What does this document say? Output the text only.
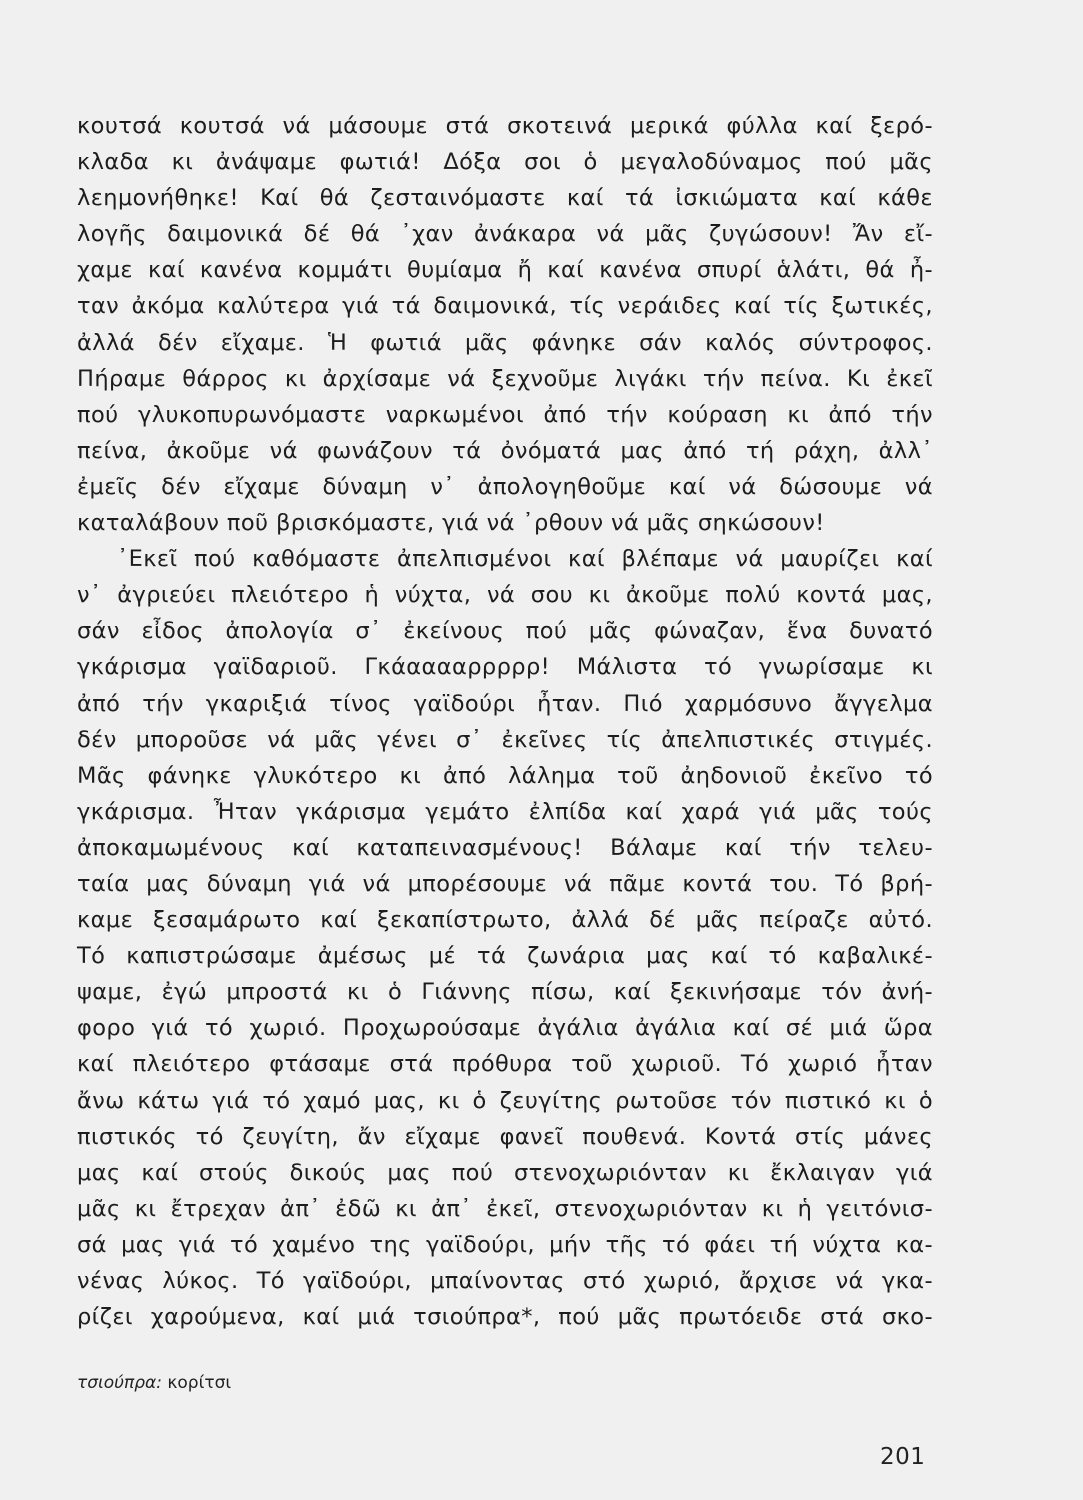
κουτσά κουτσά νά μάσουμε στά σκοτεινά μερικά φύλλα καί ξερό-
κλαδα κι ἀνάψαμε φωτιά! Δόξα σοι ὁ μεγαλοδύναμος πού μᾶς
λεημονήθηκε! Καί θά ζεσταινόμαστε καί τά ἰσκιώματα καί κάθε
λογῆς δαιμονικά δέ θά ᾽χαν ἀνάκαρα νά μᾶς ζυγώσουν! Ἄν εἴ-
χαμε καί κανένα κομμάτι θυμίαμα ἤ καί κανένα σπυρί ἁλάτι, θά ἦ-
ταν ἀκόμα καλύτερα γιά τά δαιμονικά, τίς νεράιδες καί τίς ξωτικές,
ἀλλά δέν εἴχαμε. Ἡ φωτιά μᾶς φάνηκε σάν καλός σύντροφος.
Πήραμε θάρρος κι ἀρχίσαμε νά ξεχνοῦμε λιγάκι τήν πείνα. Κι ἐκεῖ
πού γλυκοπυρωνόμαστε ναρκωμένοι ἀπό τήν κούραση κι ἀπό τήν
πείνα, ἀκοῦμε νά φωνάζουν τά ὀνόματά μας ἀπό τή ράχη, ἀλλ᾽
ἐμεῖς δέν εἴχαμε δύναμη ν᾽ ἀπολογηθοῦμε καί νά δώσουμε νά
καταλάβουν ποῦ βρισκόμαστε, γιά νά ᾽ρθουν νά μᾶς σηκώσουν!
᾽Εκεῖ πού καθόμαστε ἀπελπισμένοι καί βλέπαμε νά μαυρίζει καί
ν᾽ ἀγριεύει πλειότερο ἡ νύχτα, νά σου κι ἀκοῦμε πολύ κοντά μας,
σάν εἶδος ἀπολογία σ᾽ ἐκείνους πού μᾶς φώναζαν, ἕνα δυνατό
γκάρισμα γαϊδαριοῦ. Γκάααααρρρρρ! Μάλιστα τό γνωρίσαμε κι
ἀπό τήν γκαριξιά τίνος γαϊδούρι ἦταν. Πιό χαρμόσυνο ἄγγελμα
δέν μποροῦσε νά μᾶς γένει σ᾽ ἐκεῖνες τίς ἀπελπιστικές στιγμές.
Μᾶς φάνηκε γλυκότερο κι ἀπό λάλημα τοῦ ἀηδονιοῦ ἐκεῖνο τό
γκάρισμα. Ἦταν γκάρισμα γεμάτο ἐλπίδα καί χαρά γιά μᾶς τούς
ἀποκαμωμένους καί καταπεινασμένους! Βάλαμε καί τήν τελευ-
ταία μας δύναμη γιά νά μπορέσουμε νά πᾶμε κοντά του. Τό βρή-
καμε ξεσαμάρωτο καί ξεκαπίστρωτο, ἀλλά δέ μᾶς πείραζε αὐτό.
Τό καπιστρώσαμε ἀμέσως μέ τά ζωνάρια μας καί τό καβαλικέ-
ψαμε, ἐγώ μπροστά κι ὁ Γιάννης πίσω, καί ξεκινήσαμε τόν ἀνή-
φορο γιά τό χωριό. Προχωρούσαμε ἀγάλια ἀγάλια καί σέ μιά ὥρα
καί πλειότερο φτάσαμε στά πρόθυρα τοῦ χωριοῦ. Τό χωριό ἦταν
ἄνω κάτω γιά τό χαμό μας, κι ὁ ζευγίτης ρωτοῦσε τόν πιστικό κι ὁ
πιστικός τό ζευγίτη, ἄν εἴχαμε φανεῖ πουθενά. Κοντά στίς μάνες
μας καί στούς δικούς μας πού στενοχωριόνταν κι ἔκλαιγαν γιά
μᾶς κι ἔτρεχαν ἀπ᾽ ἐδῶ κι ἀπ᾽ ἐκεῖ, στενοχωριόνταν κι ἡ γειτόνισ-
σά μας γιά τό χαμένο της γαϊδούρι, μήν τῆς τό φάει τή νύχτα κα-
νένας λύκος. Τό γαϊδούρι, μπαίνοντας στό χωριό, ἄρχισε νά γκα-
ρίζει χαρούμενα, καί μιά τσιούπρα*, πού μᾶς πρωτόειδε στά σκο-
τσιούπρα: κορίτσι
201
